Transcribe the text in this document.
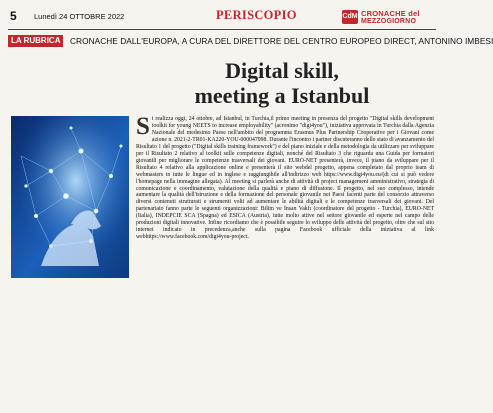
5 Lunedì 24 OTTOBRE 2022	PERISCOPIO	CdM CRONACHE del
MEZZOGIORNO
LA RUBRICA	CRONACHE DALL'EUROPA, A CURA DEL DIRETTORE DEL CENTRO EUROPEO DIRECT, ANTONINO IMBESI
Digital skill,
meeting a Istanbul
S i realizza oggi, 24 ottobre, ad Istanbul, in Turchia,il primo meeting in presenza del progetto "Digital skills development toolkit for young NEETS to increase employability" (acronimo "digi4you"), iniziativa approvata in Turchia dalla Agenzia Nazionale del medesimo Paese nell'ambito del programma Erasmus Plus Partnership Cooperative per i Giovani come azione n. 2021-2-TR01-KA220-YOU-000047998. Durante l'incontro i partner discuteranno dello stato di avanzamento del Risultato 1 del progetto ("Digital skills training framework") e del piano iniziale e della metodologia da utilizzare per sviluppare per il Risultato 2 relativo al toolkit sulle competenze digitali, nonché del Risultato 3 che riguarda una Guida per formatori giovanili per migliorare le competenze trasversali dei giovani. EURO-NET presenterà, invece, il piano da sviluppare per il Risultato 4 relativo alla applicazione online e presenterà il sito webdel progetto, appena completato dal proprio team di webmasters in tutte le lingue ed in inglese e raggiungibile all'indirizzo web https://www.digi4you.eu/(di cui si può vedere l'homepage nella immagine allegata). Al meeting si parlerà anche di attività di project management amministrativo, strategia di comunicazione e coordinamento, valutazione della qualità e piano di diffusione. Il progetto, nel suo complesso, intende aumentare la qualità dell'istruzione e della formazione del personale giovanile nei Paesi facenti parte del consorzio attraverso diversi contenuti strutturati e strumenti volti ad aumentare le abilità digitali e le competenze trasversali dei giovani. Del partenariato fanno parte le seguenti organizzazioni: Bilim ve İnsan Vakfı (coordinatore del progetto - Turchia), EURO-NET (Italia), INDEPCIE SCA (Spagna) ed ESICA (Austria), tutte molto attive nel settore giovanile ed esperte nel campo delle produzioni digitali innovative. Infine ricordiamo che è possibile seguire lo sviluppo delle attività del progetto, oltre che sul sito internet indicato in precedenza,anche sulla pagina Facebook ufficiale della iniziativa al link webhttps://www.facebook.com/digi4you-project.
